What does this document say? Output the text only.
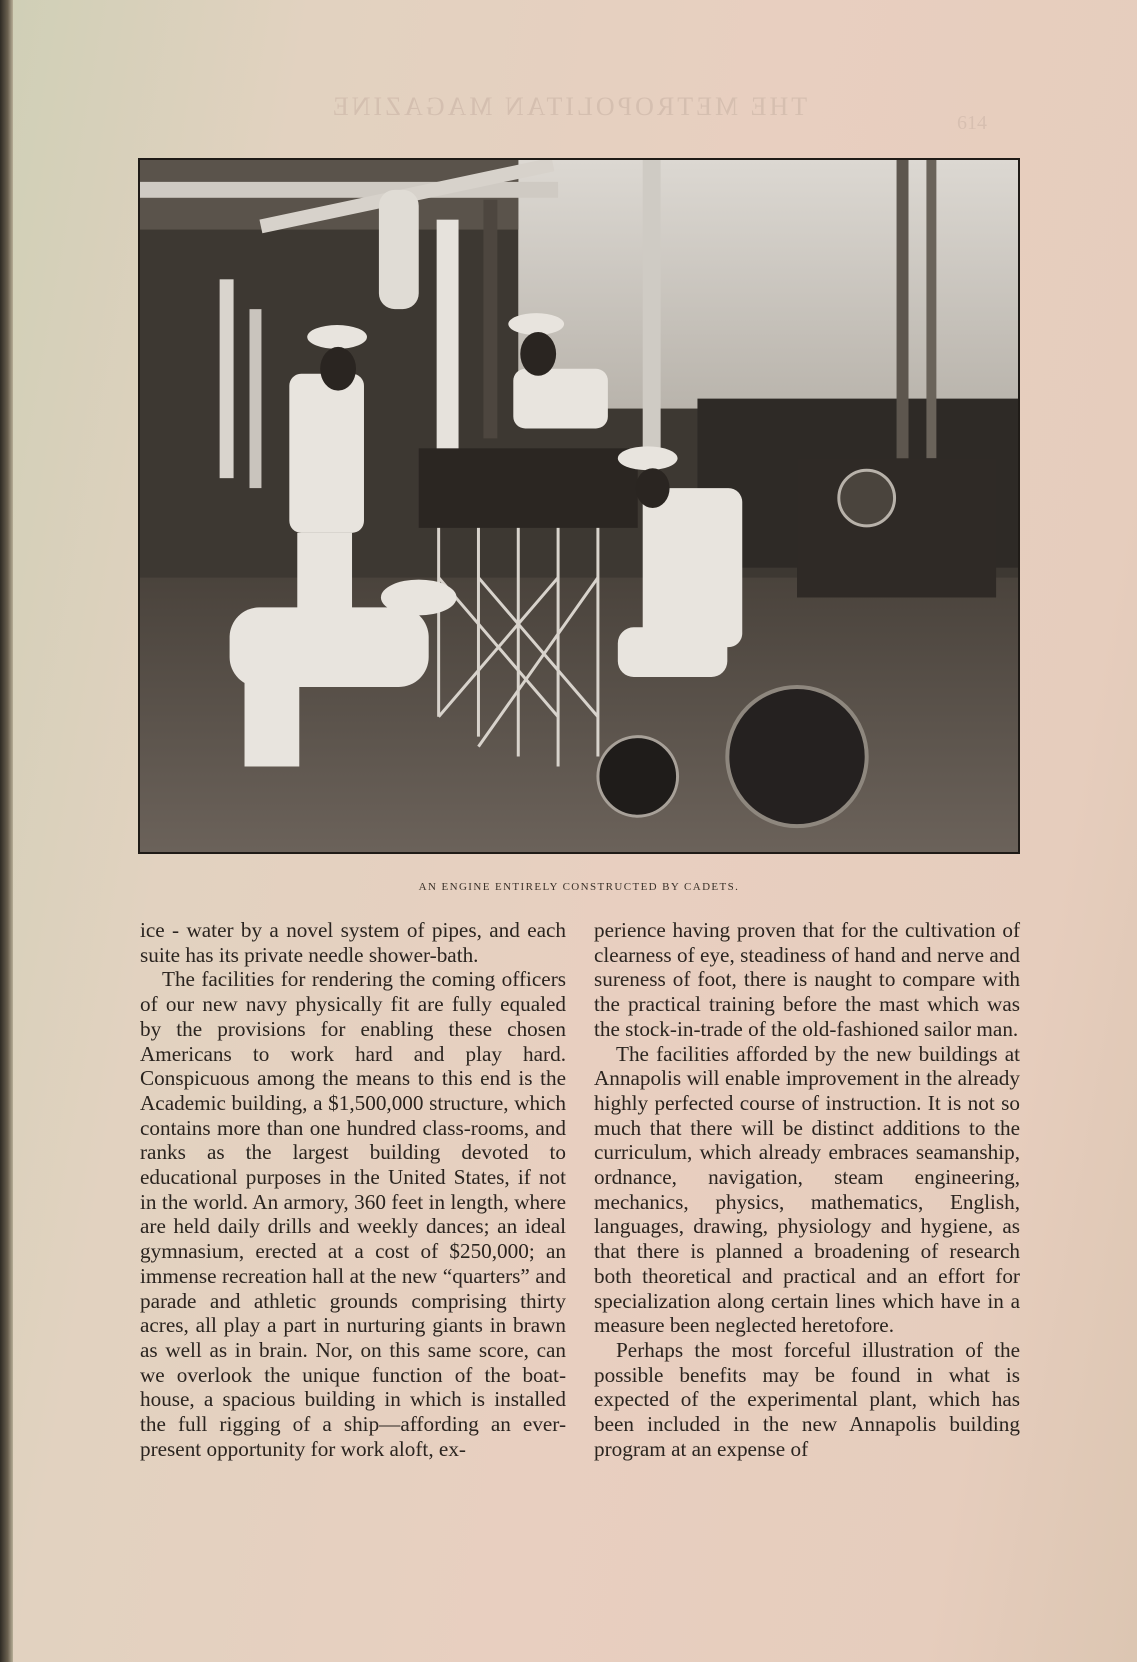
THE METROPOLITAN MAGAZINE
614
AN ENGINE ENTIRELY CONSTRUCTED BY CADETS.

ice - water by a novel system of pipes, and each suite has its private needle shower-bath.

The facilities for rendering the coming officers of our new navy physically fit are fully equaled by the provisions for enabling these chosen Americans to work hard and play hard. Conspicuous among the means to this end is the Academic building, a $1,500,000 structure, which contains more than one hundred class-rooms, and ranks as the largest building devoted to educational purposes in the United States, if not in the world. An armory, 360 feet in length, where are held daily drills and weekly dances; an ideal gymnasium, erected at a cost of $250,000; an immense recreation hall at the new “quarters” and parade and athletic grounds comprising thirty acres, all play a part in nurturing giants in brawn as well as in brain. Nor, on this same score, can we overlook the unique function of the boat-house, a spacious building in which is installed the full rigging of a ship—affording an ever-present opportunity for work aloft, ex-

perience having proven that for the cultivation of clearness of eye, steadiness of hand and nerve and sureness of foot, there is naught to compare with the practical training before the mast which was the stock-in-trade of the old-fashioned sailor man.

The facilities afforded by the new buildings at Annapolis will enable improvement in the already highly perfected course of instruction. It is not so much that there will be distinct additions to the curriculum, which already embraces seamanship, ordnance, navigation, steam engineering, mechanics, physics, mathematics, English, languages, drawing, physiology and hygiene, as that there is planned a broadening of research both theoretical and practical and an effort for specialization along certain lines which have in a measure been neglected heretofore.

Perhaps the most forceful illustration of the possible benefits may be found in what is expected of the experimental plant, which has been included in the new Annapolis building program at an expense of
